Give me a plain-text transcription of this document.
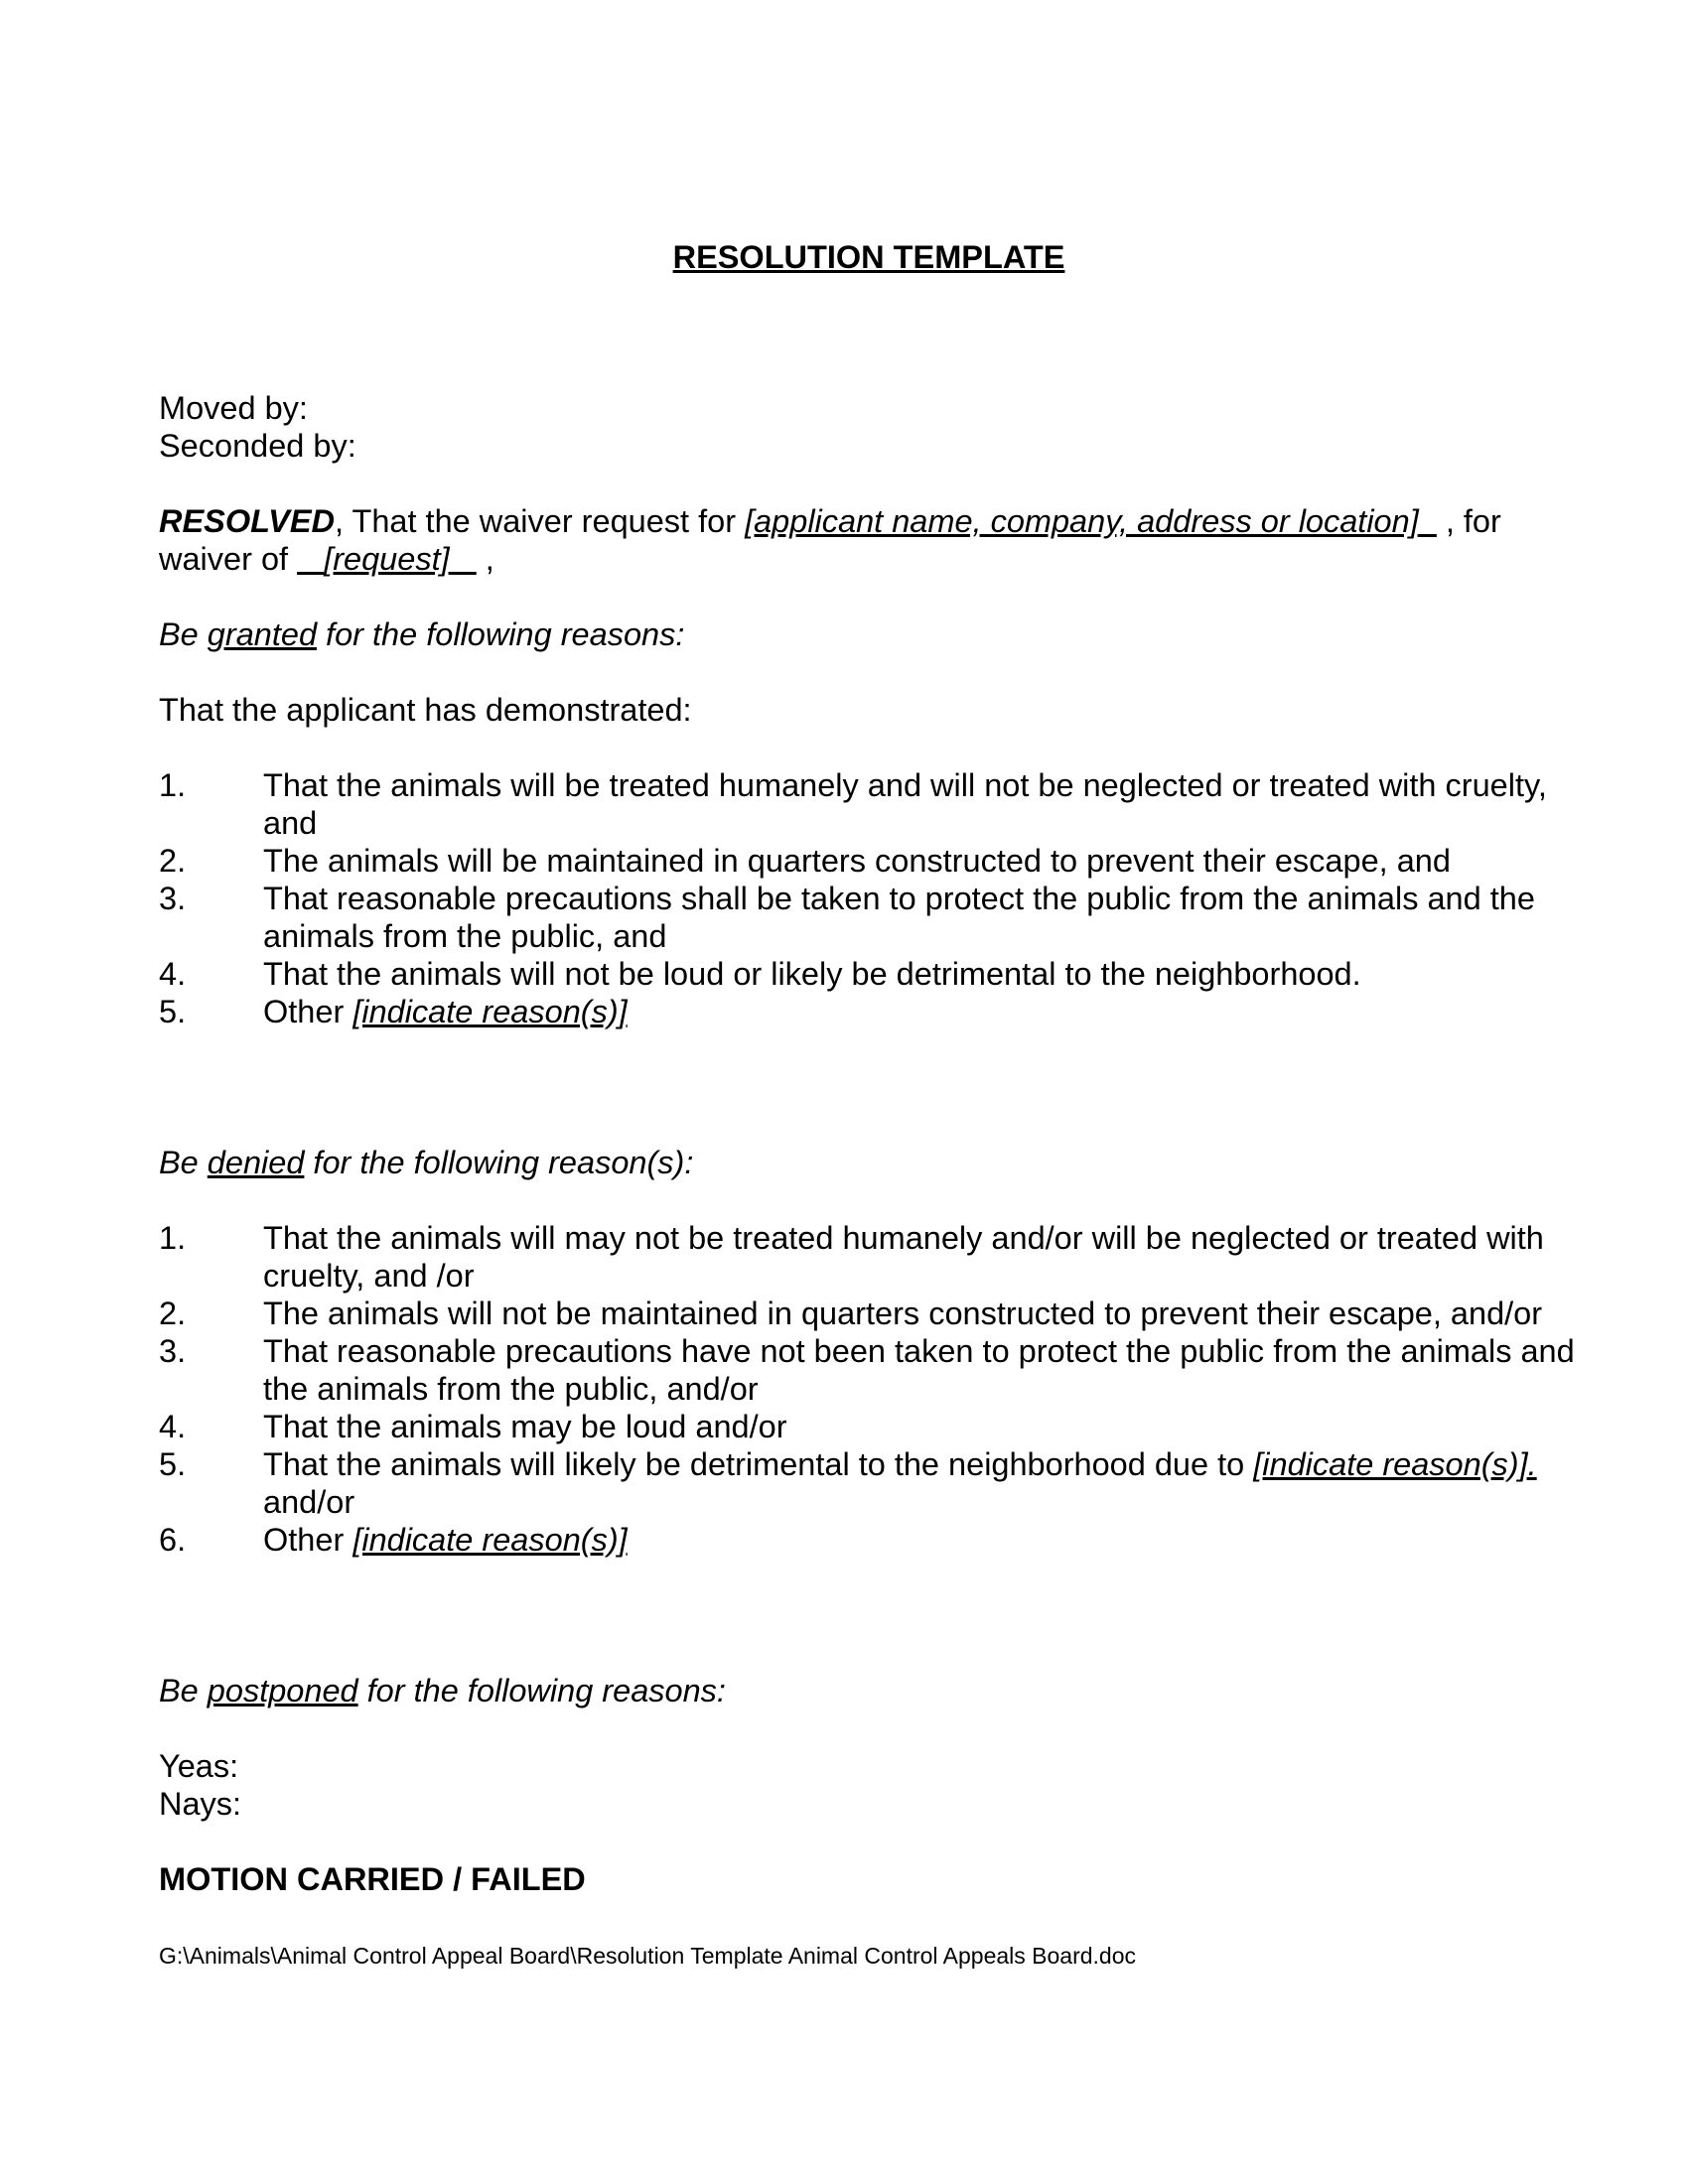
RESOLUTION TEMPLATE
Moved by:
Seconded by:
RESOLVED, That the waiver request for [applicant name, company, address or location]   , for waiver of    [request]    ,
Be granted for the following reasons:
That the applicant has demonstrated:
1.	That the animals will be treated humanely and will not be neglected or treated with cruelty, and
2.	The animals will be maintained in quarters constructed to prevent their escape, and
3.	That reasonable precautions shall be taken to protect the public from the animals and the animals from the public, and
4.	That the animals will not be loud or likely be detrimental to the neighborhood.
5.	Other [indicate reason(s)]
Be denied for the following reason(s):
1.	That the animals will may not be treated humanely and/or will be neglected or treated with cruelty, and /or
2.	The animals will not be maintained in quarters constructed to prevent their escape, and/or
3.	That reasonable precautions have not been taken to protect the public from the animals and the animals from the public, and/or
4.	That the animals may be loud and/or
5.	That the animals will likely be detrimental to the neighborhood due to [indicate reason(s)]. and/or
6.	Other [indicate reason(s)]
Be postponed for the following reasons:
Yeas:
Nays:
MOTION CARRIED / FAILED
G:\Animals\Animal Control Appeal Board\Resolution Template Animal Control Appeals Board.doc
